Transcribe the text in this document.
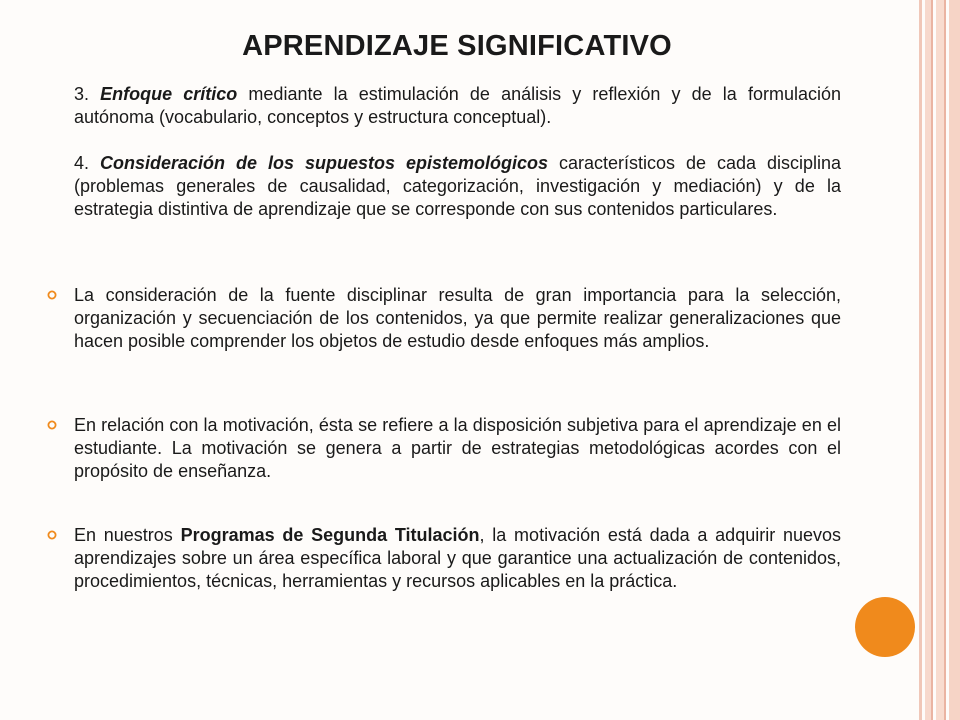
APRENDIZAJE SIGNIFICATIVO
3. Enfoque crítico mediante la estimulación de análisis y reflexión y de la formulación autónoma (vocabulario, conceptos y estructura conceptual).
4. Consideración de los supuestos epistemológicos característicos de cada disciplina (problemas generales de causalidad, categorización, investigación y mediación) y de la estrategia distintiva de aprendizaje que se corresponde con sus contenidos particulares.
La consideración de la fuente disciplinar resulta de gran importancia para la selección, organización y secuenciación de los contenidos, ya que permite realizar generalizaciones que hacen posible comprender los objetos de estudio desde enfoques más amplios.
En relación con la motivación, ésta se refiere a la disposición subjetiva para el aprendizaje en el estudiante. La motivación se genera a partir de estrategias metodológicas acordes con el propósito de enseñanza.
En nuestros Programas de Segunda Titulación, la motivación está dada a adquirir nuevos aprendizajes sobre un área específica laboral y que garantice una actualización de contenidos, procedimientos, técnicas, herramientas y recursos aplicables en la práctica.
